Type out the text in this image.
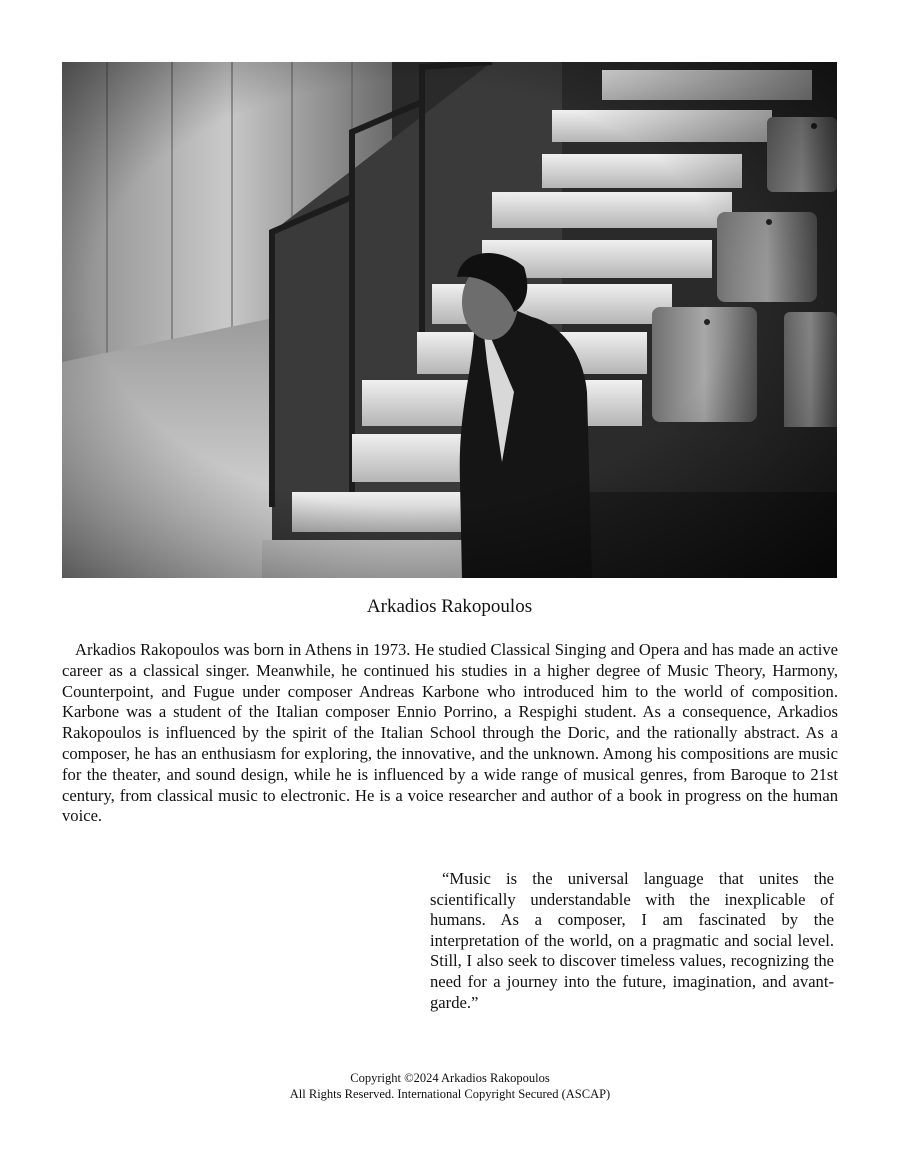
Arkadios Rakopoulos

Arkadios Rakopoulos was born in Athens in 1973. He studied Classical Singing and Opera and has made an active career as a classical singer. Meanwhile, he continued his studies in a higher degree of Music Theory, Harmony, Counterpoint, and Fugue under composer Andreas Karbone who introduced him to the world of composition. Karbone was a student of the Italian composer Ennio Porrino, a Respighi student. As a consequence, Arkadios Rakopoulos is influenced by the spirit of the Italian School through the Doric, and the rationally abstract. As a composer, he has an enthusiasm for exploring, the innovative, and the unknown. Among his compositions are music for the theater, and sound design, while he is influenced by a wide range of musical genres, from Baroque to 21st century, from classical music to electronic. He is a voice researcher and author of a book in progress on the human voice.

“Music is the universal language that unites the scientifically understandable with the inexplicable of humans. As a composer, I am fascinated by the interpretation of the world, on a pragmatic and social level. Still, I also seek to discover timeless values, recognizing the need for a journey into the future, imagination, and avant-garde.”

Copyright ©2024 Arkadios Rakopoulos
All Rights Reserved. International Copyright Secured (ASCAP)
